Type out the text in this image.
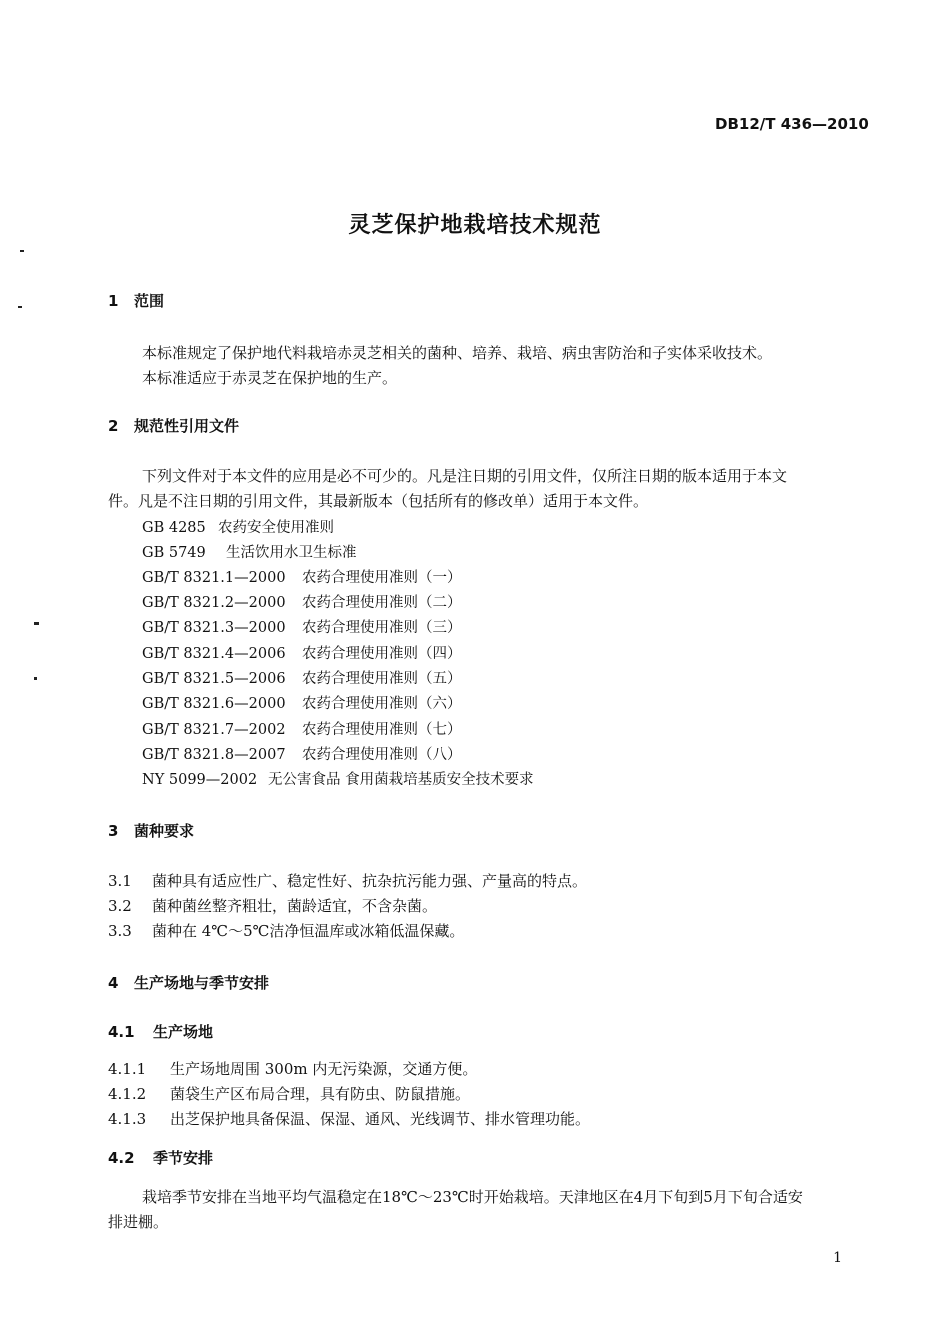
DB12/T 436—2010
灵芝保护地栽培技术规范
1 范围
本标准规定了保护地代料栽培赤灵芝相关的菌种、培养、栽培、病虫害防治和子实体采收技术。
本标准适应于赤灵芝在保护地的生产。
2 规范性引用文件
下列文件对于本文件的应用是必不可少的。凡是注日期的引用文件，仅所注日期的版本适用于本文
件。凡是不注日期的引用文件，其最新版本（包括所有的修改单）适用于本文件。
GB 4285 农药安全使用准则
GB 5749 生活饮用水卫生标准
GB/T 8321.1—2000 农药合理使用准则（一）
GB/T 8321.2—2000 农药合理使用准则（二）
GB/T 8321.3—2000 农药合理使用准则（三）
GB/T 8321.4—2006 农药合理使用准则（四）
GB/T 8321.5—2006 农药合理使用准则（五）
GB/T 8321.6—2000 农药合理使用准则（六）
GB/T 8321.7—2002 农药合理使用准则（七）
GB/T 8321.8—2007 农药合理使用准则（八）
NY 5099—2002 无公害食品 食用菌栽培基质安全技术要求
3 菌种要求
3.1 菌种具有适应性广、稳定性好、抗杂抗污能力强、产量高的特点。
3.2 菌种菌丝整齐粗壮，菌龄适宜，不含杂菌。
3.3 菌种在 4℃～5℃洁净恒温库或冰箱低温保藏。
4 生产场地与季节安排
4.1 生产场地
4.1.1 生产场地周围 300m 内无污染源，交通方便。
4.1.2 菌袋生产区布局合理，具有防虫、防鼠措施。
4.1.3 出芝保护地具备保温、保湿、通风、光线调节、排水管理功能。
4.2 季节安排
栽培季节安排在当地平均气温稳定在18℃～23℃时开始栽培。天津地区在4月下旬到5月下旬合适安
排进棚。
1
